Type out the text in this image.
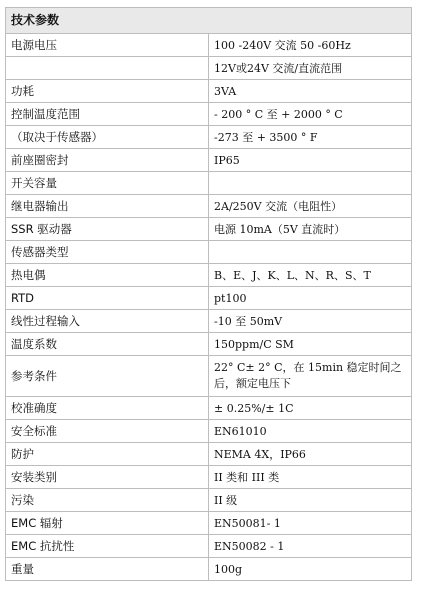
技术参数	
电源电压	100 -240V 交流 50 -60Hz
	12V或24V 交流/直流范围
功耗	3VA
控制温度范围	- 200 ° C 至 + 2000 ° C
（取决于传感器）	-273 至 + 3500 ° F
前座圈密封	IP65
开关容量	
继电器输出	2A/250V 交流（电阻性）
SSR 驱动器	电源 10mA（5V 直流时）
传感器类型	
热电偶	B、E、J、K、L、N、R、S、T
RTD	pt100
线性过程输入	-10 至 50mV
温度系数	150ppm/C SM
参考条件	22° C± 2° C，在 15min 稳定时间之后，额定电压下
校准确度	± 0.25%/± 1C
安全标准	EN61010
防护	NEMA 4X，IP66
安装类别	II 类和 III 类
污染	II 级
EMC 辐射	EN50081- 1
EMC 抗扰性	EN50082 - 1
重量	100g
